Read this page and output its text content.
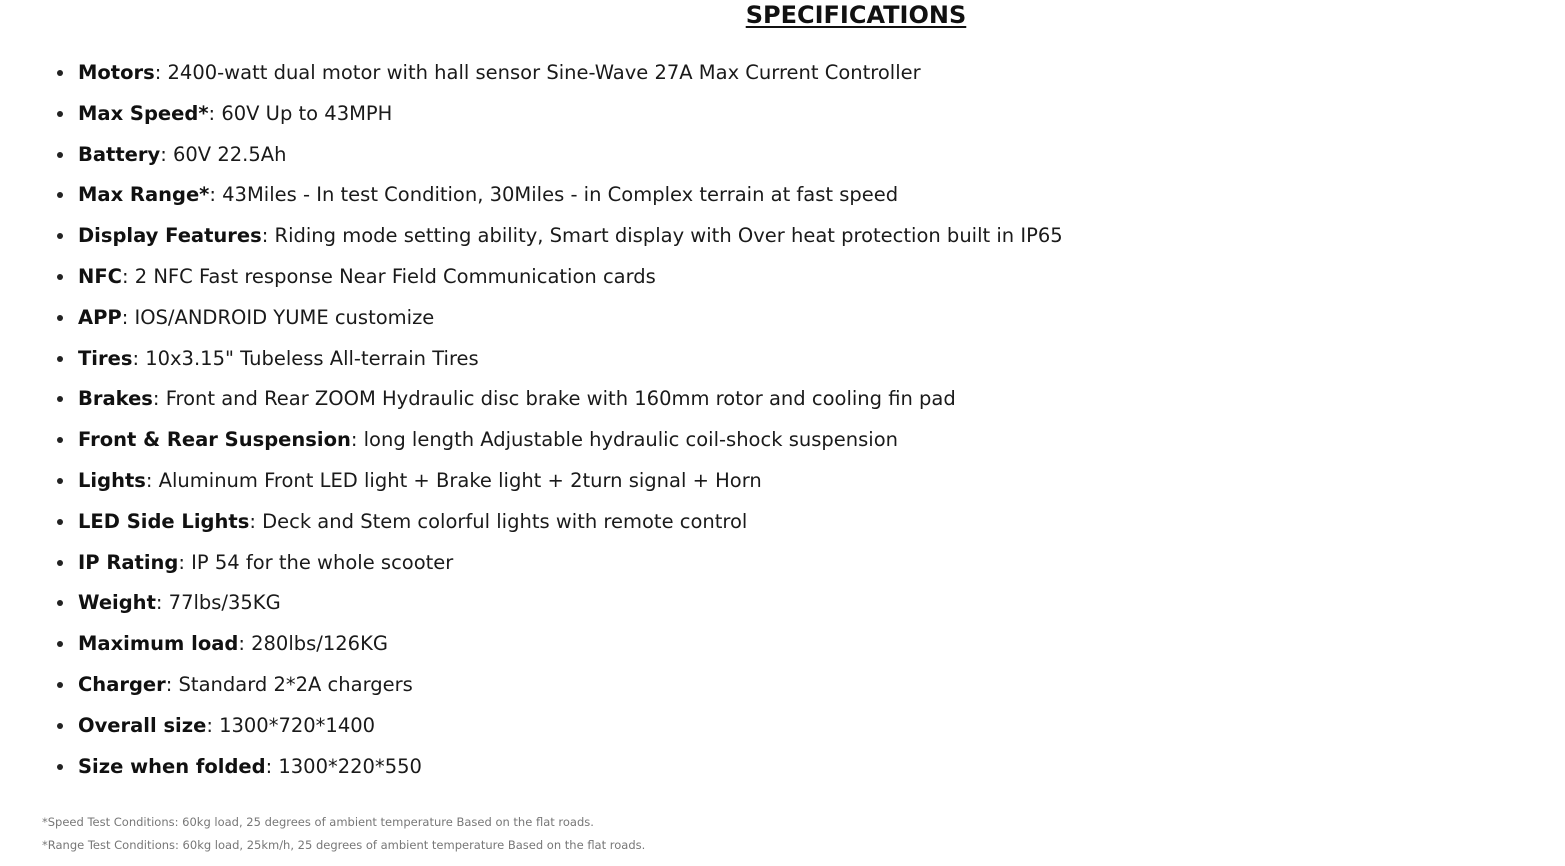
SPECIFICATIONS
Motors: 2400-watt dual motor with hall sensor Sine-Wave 27A Max Current Controller
Max Speed*: 60V Up to 43MPH
Battery: 60V 22.5Ah
Max Range*: 43Miles - In test Condition, 30Miles - in Complex terrain at fast speed
Display Features: Riding mode setting ability, Smart display with Over heat protection built in IP65
NFC: 2 NFC Fast response Near Field Communication cards
APP: IOS/ANDROID YUME customize
Tires: 10x3.15" Tubeless All-terrain Tires
Brakes: Front and Rear ZOOM Hydraulic disc brake with 160mm rotor and cooling fin pad
Front & Rear Suspension: long length Adjustable hydraulic coil-shock suspension
Lights: Aluminum Front LED light + Brake light + 2turn signal + Horn
LED Side Lights: Deck and Stem colorful lights with remote control
IP Rating: IP 54 for the whole scooter
Weight: 77lbs/35KG
Maximum load: 280lbs/126KG
Charger: Standard 2*2A chargers
Overall size: 1300*720*1400
Size when folded: 1300*220*550
*Speed Test Conditions: 60kg load, 25 degrees of ambient temperature Based on the flat roads.
*Range Test Conditions: 60kg load, 25km/h, 25 degrees of ambient temperature Based on the flat roads.
